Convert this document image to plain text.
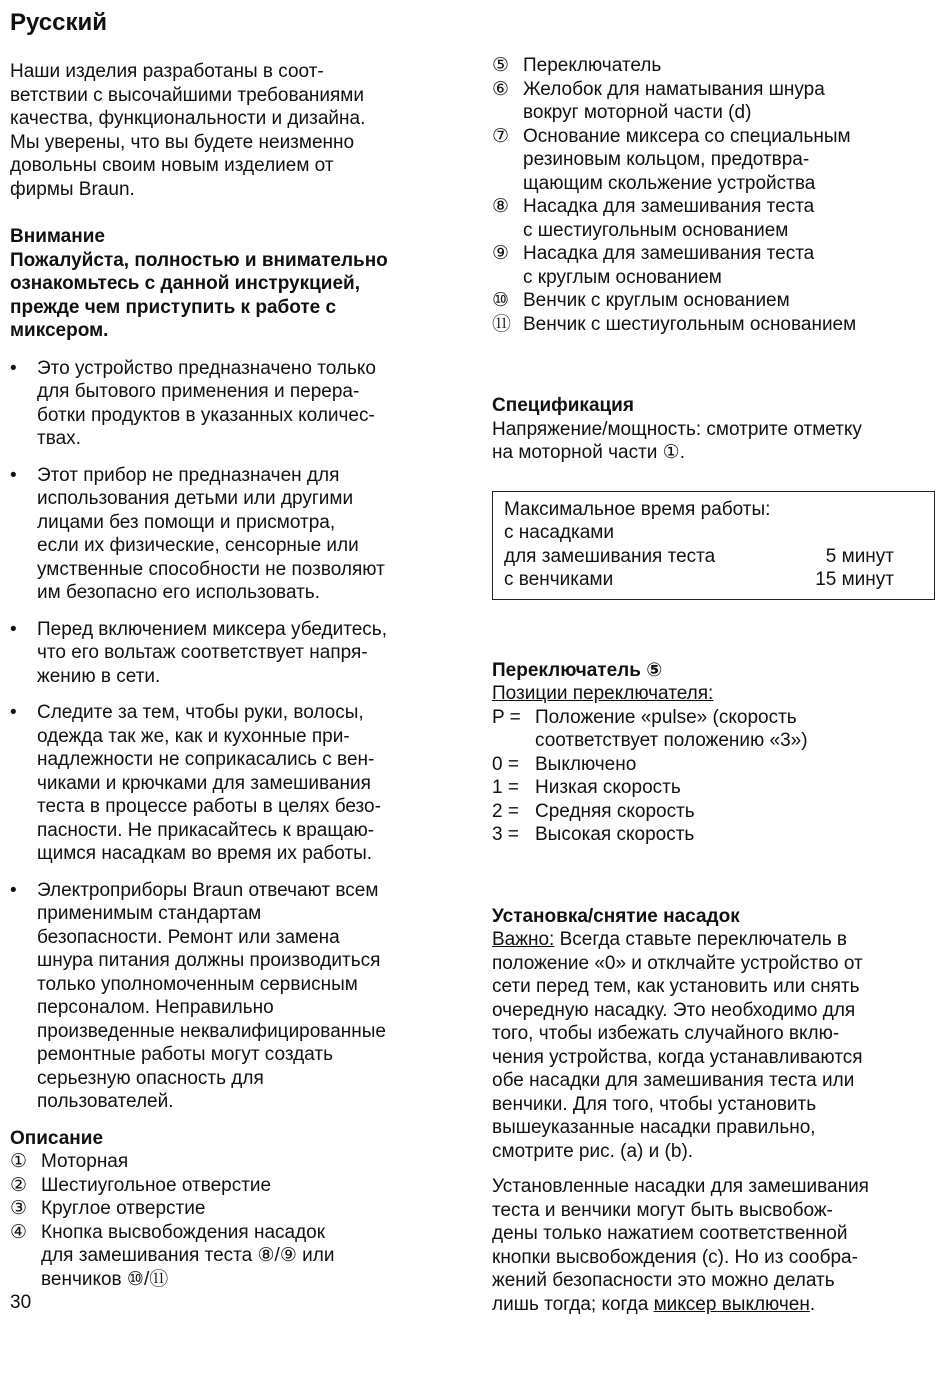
Русский
Наши изделия разработаны в соот-
ветствии с высочайшими требованиями
качества, функциональности и дизайна.
Мы уверены, что вы будете неизменно
довольны своим новым изделием от
фирмы Braun.
Внимание
Пожалуйста, полностью и внимательно
ознакомьтесь с данной инструкцией,
прежде чем приступить к работе с
миксером.
• Это устройство предназначено только
для бытового применения и перера-
ботки продуктов в указанных количес-
твах.
• Этот прибор не предназначен для
использования детьми или другими
лицами без помощи и присмотра,
если их физические, сенсорные или
умственные способности не позволяют
им безопасно его использовать.
• Перед включением миксера убедитесь,
что его вольтаж соответствует напря-
жению в сети.
• Следите за тем, чтобы руки, волосы,
одежда так же, как и кухонные при-
надлежности не соприкасались с вен-
чиками и крючками для замешивания
теста в процессе работы в целях безо-
пасности. Не прикасайтесь к вращаю-
щимся насадкам во время их работы.
• Электроприборы Braun отвечают всем
применимым стандартам
безопасности. Ремонт или замена
шнура питания должны производиться
только уполномоченным сервисным
персоналом. Неправильно
произведенные неквалифицированные
ремонтные работы могут создать
серьезную опасность для
пользователей.
Описание
① Моторная
② Шестиугольное отверстие
③ Круглое отверстие
④ Кнопка высвобождения насадок
для замешивания теста ⑧/⑨ или
венчиков ⑩/⑪
30
⑤ Переключатель
⑥ Желобок для наматывания шнура
вокруг моторной части (d)
⑦ Основание миксера со специальным
резиновым кольцом, предотвра-
щающим скольжение устройства
⑧ Насадка для замешивания теста
с шестиугольным основанием
⑨ Насадка для замешивания теста
с круглым основанием
⑩ Венчик с круглым основанием
⑪ Венчик с шестиугольным основанием
Спецификация
Напряжение/мощность: смотрите отметку
на моторной части ①.
Максимальное время работы:
с насадками
для замешивания теста	5 минут
с венчиками	15 минут
Переключатель ⑤
Позиции переключателя:
P = Положение «pulse» (скорость
соответствует положению «3»)
0 = Выключено
1 = Низкая скорость
2 = Средняя скорость
3 = Высокая скорость
Установка/снятие насадок
Важно: Всегда ставьте переключатель в
положение «0» и отклчайте устройство от
сети перед тем, как установить или снять
очередную насадку. Это необходимо для
того, чтобы избежать случайного вклю-
чения устройства, когда устанавливаются
обе насадки для замешивания теста или
венчики. Для того, чтобы установить
вышеуказанные насадки правильно,
смотрите рис. (a) и (b).
Установленные насадки для замешивания
теста и венчики могут быть высвобож-
дены только нажатием соответственной
кнопки высвобождения (c). Но из сообра-
жений безопасности это можно делать
лишь тогда; когда миксер выключен.
